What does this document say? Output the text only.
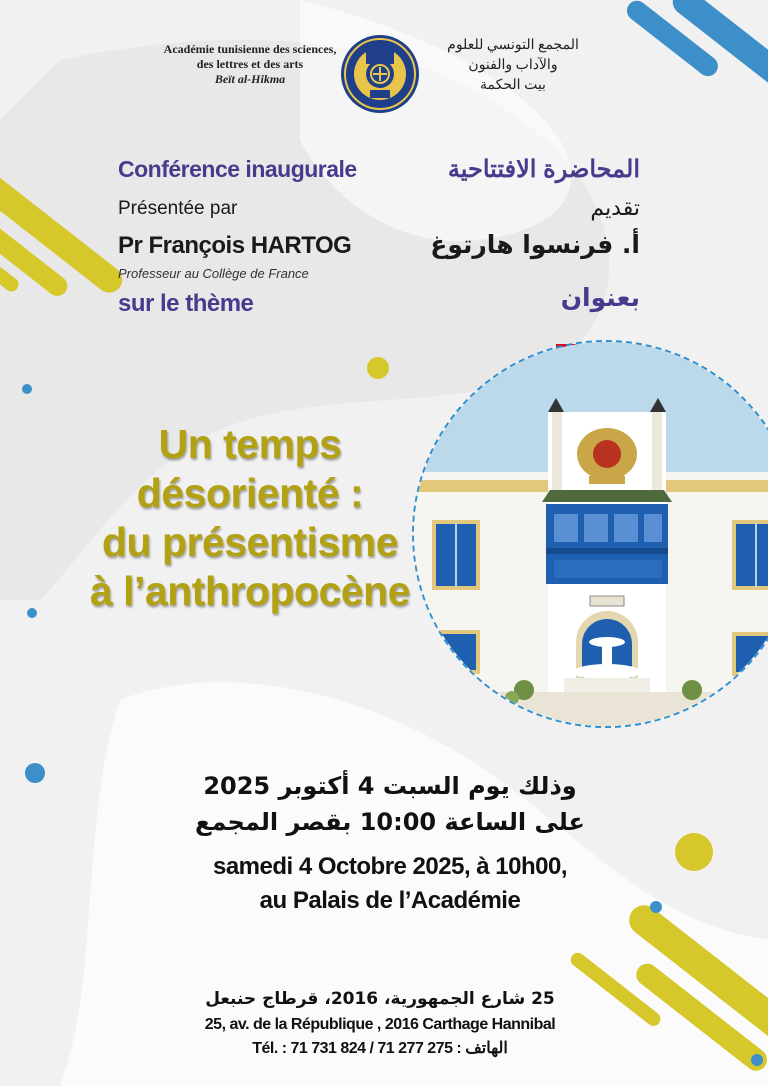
Académie tunisienne des sciences,
des lettres et des arts
Beït al-Hikma
المجمع التونسي للعلوم والآداب والفنون
بيت الحكمة
Conférence inaugurale
Présentée par
Pr François HARTOG
Professeur au Collège de France
sur le thème
المحاضرة الافتتاحية
تقديم
أ. فرنسوا هارتوغ
بعنوان
Un temps
désorienté :
du présentisme
à l’anthropocène
وذلك يوم السبت 4 أكتوبر 2025
على الساعة 10:00 بقصر المجمع
samedi 4 Octobre 2025, à 10h00,
au Palais de l’Académie
25 شارع الجمهورية، 2016، قرطاج حنبعل
25, av. de la République , 2016 Carthage Hannibal
Tél. : 71 731 824 / 71 277 275 : الهاتف
